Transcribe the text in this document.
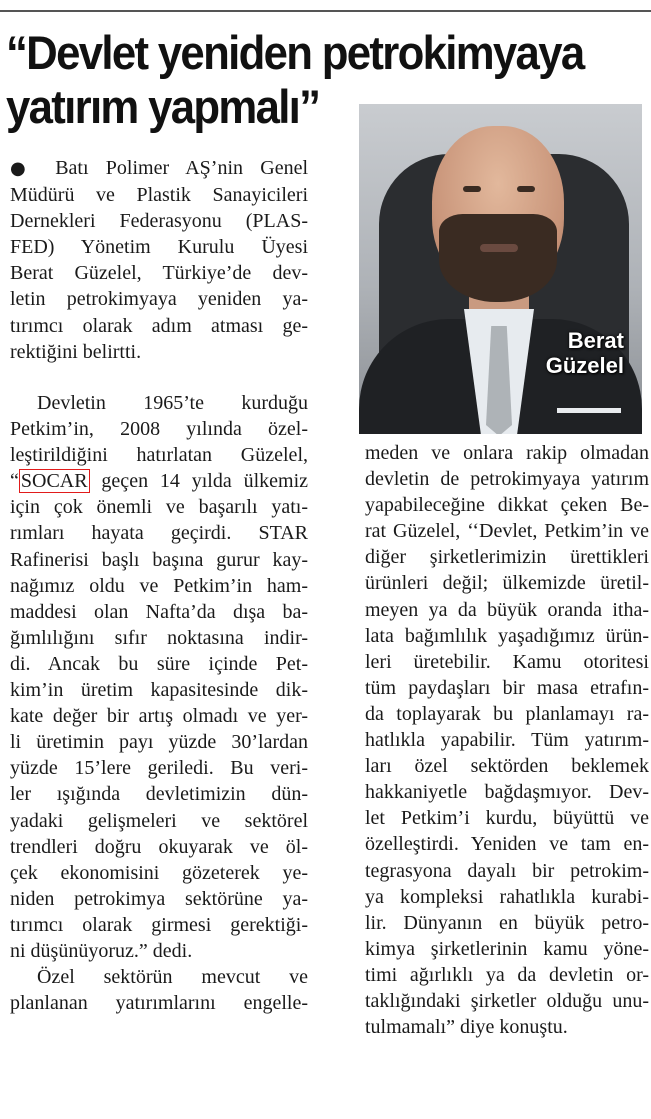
“Devlet yeniden petrokimyaya
yatırım yapmalı”
Berat
Güzelel

● Batı Polimer AŞ’nin Genel
Müdürü ve Plastik Sanayicileri
Dernekleri Federasyonu (PLAS-
FED) Yönetim Kurulu Üyesi
Berat Güzelel, Türkiye’de dev-
letin petrokimyaya yeniden ya-
tırımcı olarak adım atması ge-
rektiğini belirtti.

Devletin 1965’te kurduğu
Petkim’in, 2008 yılında özel-
leştirildiğini hatırlatan Güzelel,
“ SOCAR geçen 14 yılda ülkemiz
için çok önemli ve başarılı yatı-
rımları hayata geçirdi. STAR
Rafinerisi başlı başına gurur kay-
nağımız oldu ve Petkim’in ham-
maddesi olan Nafta’da dışa ba-
ğımlılığını sıfır noktasına indir-
di. Ancak bu süre içinde Pet-
kim’in üretim kapasitesinde dik-
kate değer bir artış olmadı ve yer-
li üretimin payı yüzde 30’lardan
yüzde 15’lere geriledi. Bu veri-
ler ışığında devletimizin dün-
yadaki gelişmeleri ve sektörel
trendleri doğru okuyarak ve öl-
çek ekonomisini gözeterek ye-
niden petrokimya sektörüne ya-
tırımcı olarak girmesi gerektiği-
ni düşünüyoruz.” dedi.

Özel sektörün mevcut ve
planlanan yatırımlarını engelle-

meden ve onlara rakip olmadan
devletin de petrokimyaya yatırım
yapabileceğine dikkat çeken Be-
rat Güzelel, ‘‘Devlet, Petkim’in ve
diğer şirketlerimizin ürettikleri
ürünleri değil; ülkemizde üretil-
meyen ya da büyük oranda itha-
lata bağımlılık yaşadığımız ürün-
leri üretebilir. Kamu otoritesi
tüm paydaşları bir masa etrafın-
da toplayarak bu planlamayı ra-
hatlıkla yapabilir. Tüm yatırım-
ları özel sektörden beklemek
hakkaniyetle bağdaşmıyor. Dev-
let Petkim’i kurdu, büyüttü ve
özelleştirdi. Yeniden ve tam en-
tegrasyona dayalı bir petrokim-
ya kompleksi rahatlıkla kurabi-
lir. Dünyanın en büyük petro-
kimya şirketlerinin kamu yöne-
timi ağırlıklı ya da devletin or-
taklığındaki şirketler olduğu unu-
tulmamalı” diye konuştu.
